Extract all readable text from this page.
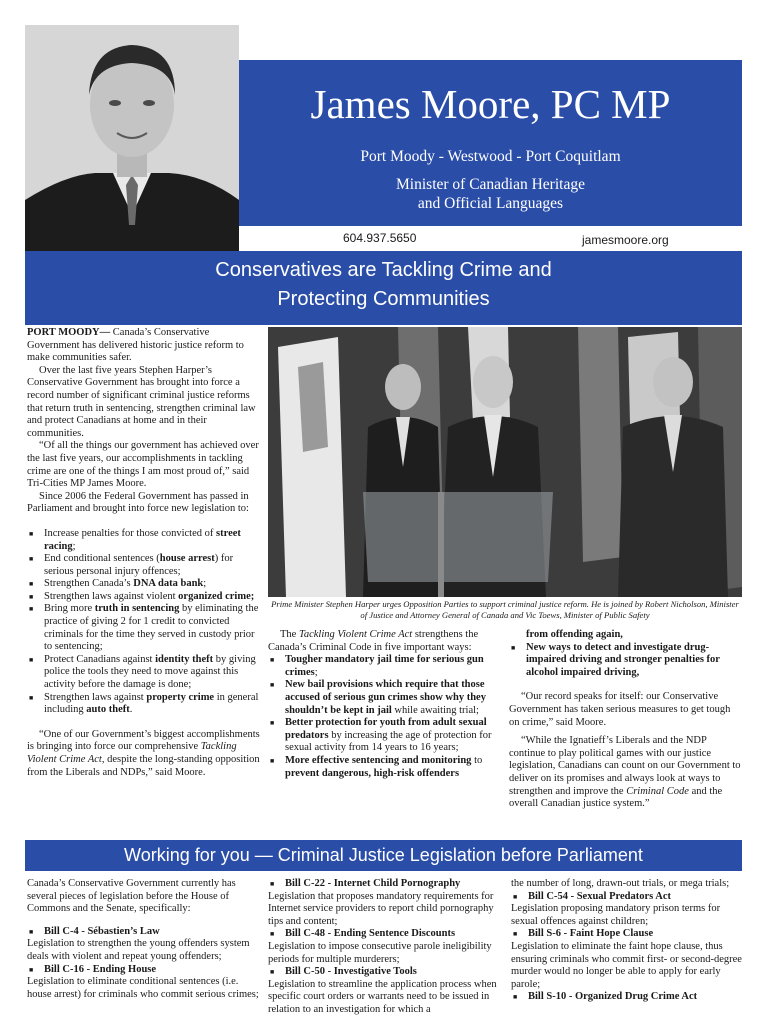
James Moore, PC MP
Port Moody - Westwood - Port Coquitlam
Minister of Canadian Heritage
and Official Languages
604.937.5650	jamesmoore.org
Conservatives are Tackling Crime and
Protecting Communities

PORT MOODY— Canada’s Conservative Government has delivered historic justice reform to make communities safer.

Over the last five years Stephen Harper’s Conservative Government has brought into force a record number of significant criminal justice reforms that return truth in sentencing, strengthen criminal law and protect Canadians at home and in their communities.

“Of all the things our government has achieved over the last five years, our accomplishments in tackling crime are one of the things I am most proud of,” said Tri-Cities MP James Moore.

Since 2006 the Federal Government has passed in Parliament and brought into force new legislation to:

■ Increase penalties for those convicted of street racing;
■ End conditional sentences (house arrest) for serious personal injury offences;
■ Strengthen Canada’s DNA data bank;
■ Strengthen laws against violent organized crime;
■ Bring more truth in sentencing by eliminating the practice of giving 2 for 1 credit to convicted criminals for the time they served in custody prior to sentencing;
■ Protect Canadians against identity theft by giving police the tools they need to move against this activity before the damage is done;
■ Strengthen laws against property crime in general including auto theft.

“One of our Government’s biggest accomplishments is bringing into force our comprehensive Tackling Violent Crime Act, despite the long-standing opposition from the Liberals and NDPs,” said Moore.

Prime Minister Stephen Harper urges Opposition Parties to support criminal justice reform. He is joined by Robert Nicholson, Minister of Justice and Attorney General of Canada and Vic Toews, Minister of Public Safety

The Tackling Violent Crime Act strengthens the Canada’s Criminal Code in five important ways:

■ Tougher mandatory jail time for serious gun crimes;
■ New bail provisions which require that those accused of serious gun crimes show why they shouldn’t be kept in jail while awaiting trial;
■ Better protection for youth from adult sexual predators by increasing the age of protection for sexual activity from 14 years to 16 years;
■ More effective sentencing and monitoring to prevent dangerous, high-risk offenders

from offending again,

■ New ways to detect and investigate drug-impaired driving and stronger penalties for alcohol impaired driving,

“Our record speaks for itself: our Conservative Government has taken serious measures to get tough on crime,” said Moore.

“While the Ignatieff’s Liberals and the NDP continue to play political games with our justice legislation, Canadians can count on our Government to deliver on its promises and always look at ways to strengthen and improve the Criminal Code and the overall Canadian justice system.”

Working for you — Criminal Justice Legislation before Parliament

Canada’s Conservative Government currently has several pieces of legislation before the House of Commons and the Senate, specifically:

■ Bill C-4 - Sébastien’s Law

Legislation to strengthen the young offenders system deals with violent and repeat young offenders;

■ Bill C-16 - Ending House

Legislation to eliminate conditional sentences (i.e. house arrest) for criminals who commit serious crimes;

■ Bill C-22 - Internet Child Pornography

Legislation that proposes mandatory requirements for Internet service providers to report child pornography tips and content;

■ Bill C-48 - Ending Sentence Discounts

Legislation to impose consecutive parole ineligibility periods for multiple murderers;

■ Bill C-50 - Investigative Tools

Legislation to streamline the application process when specific court orders or warrants need to be issued in relation to an investigation for which a

the number of long, drawn-out trials, or mega trials;

■ Bill C-54 - Sexual Predators Act

Legislation proposing mandatory prison terms for sexual offences against children;

■ Bill S-6 - Faint Hope Clause

Legislation to eliminate the faint hope clause, thus ensuring criminals who commit first- or second-degree murder would no longer be able to apply for early parole;

■ Bill S-10 - Organized Drug Crime Act
